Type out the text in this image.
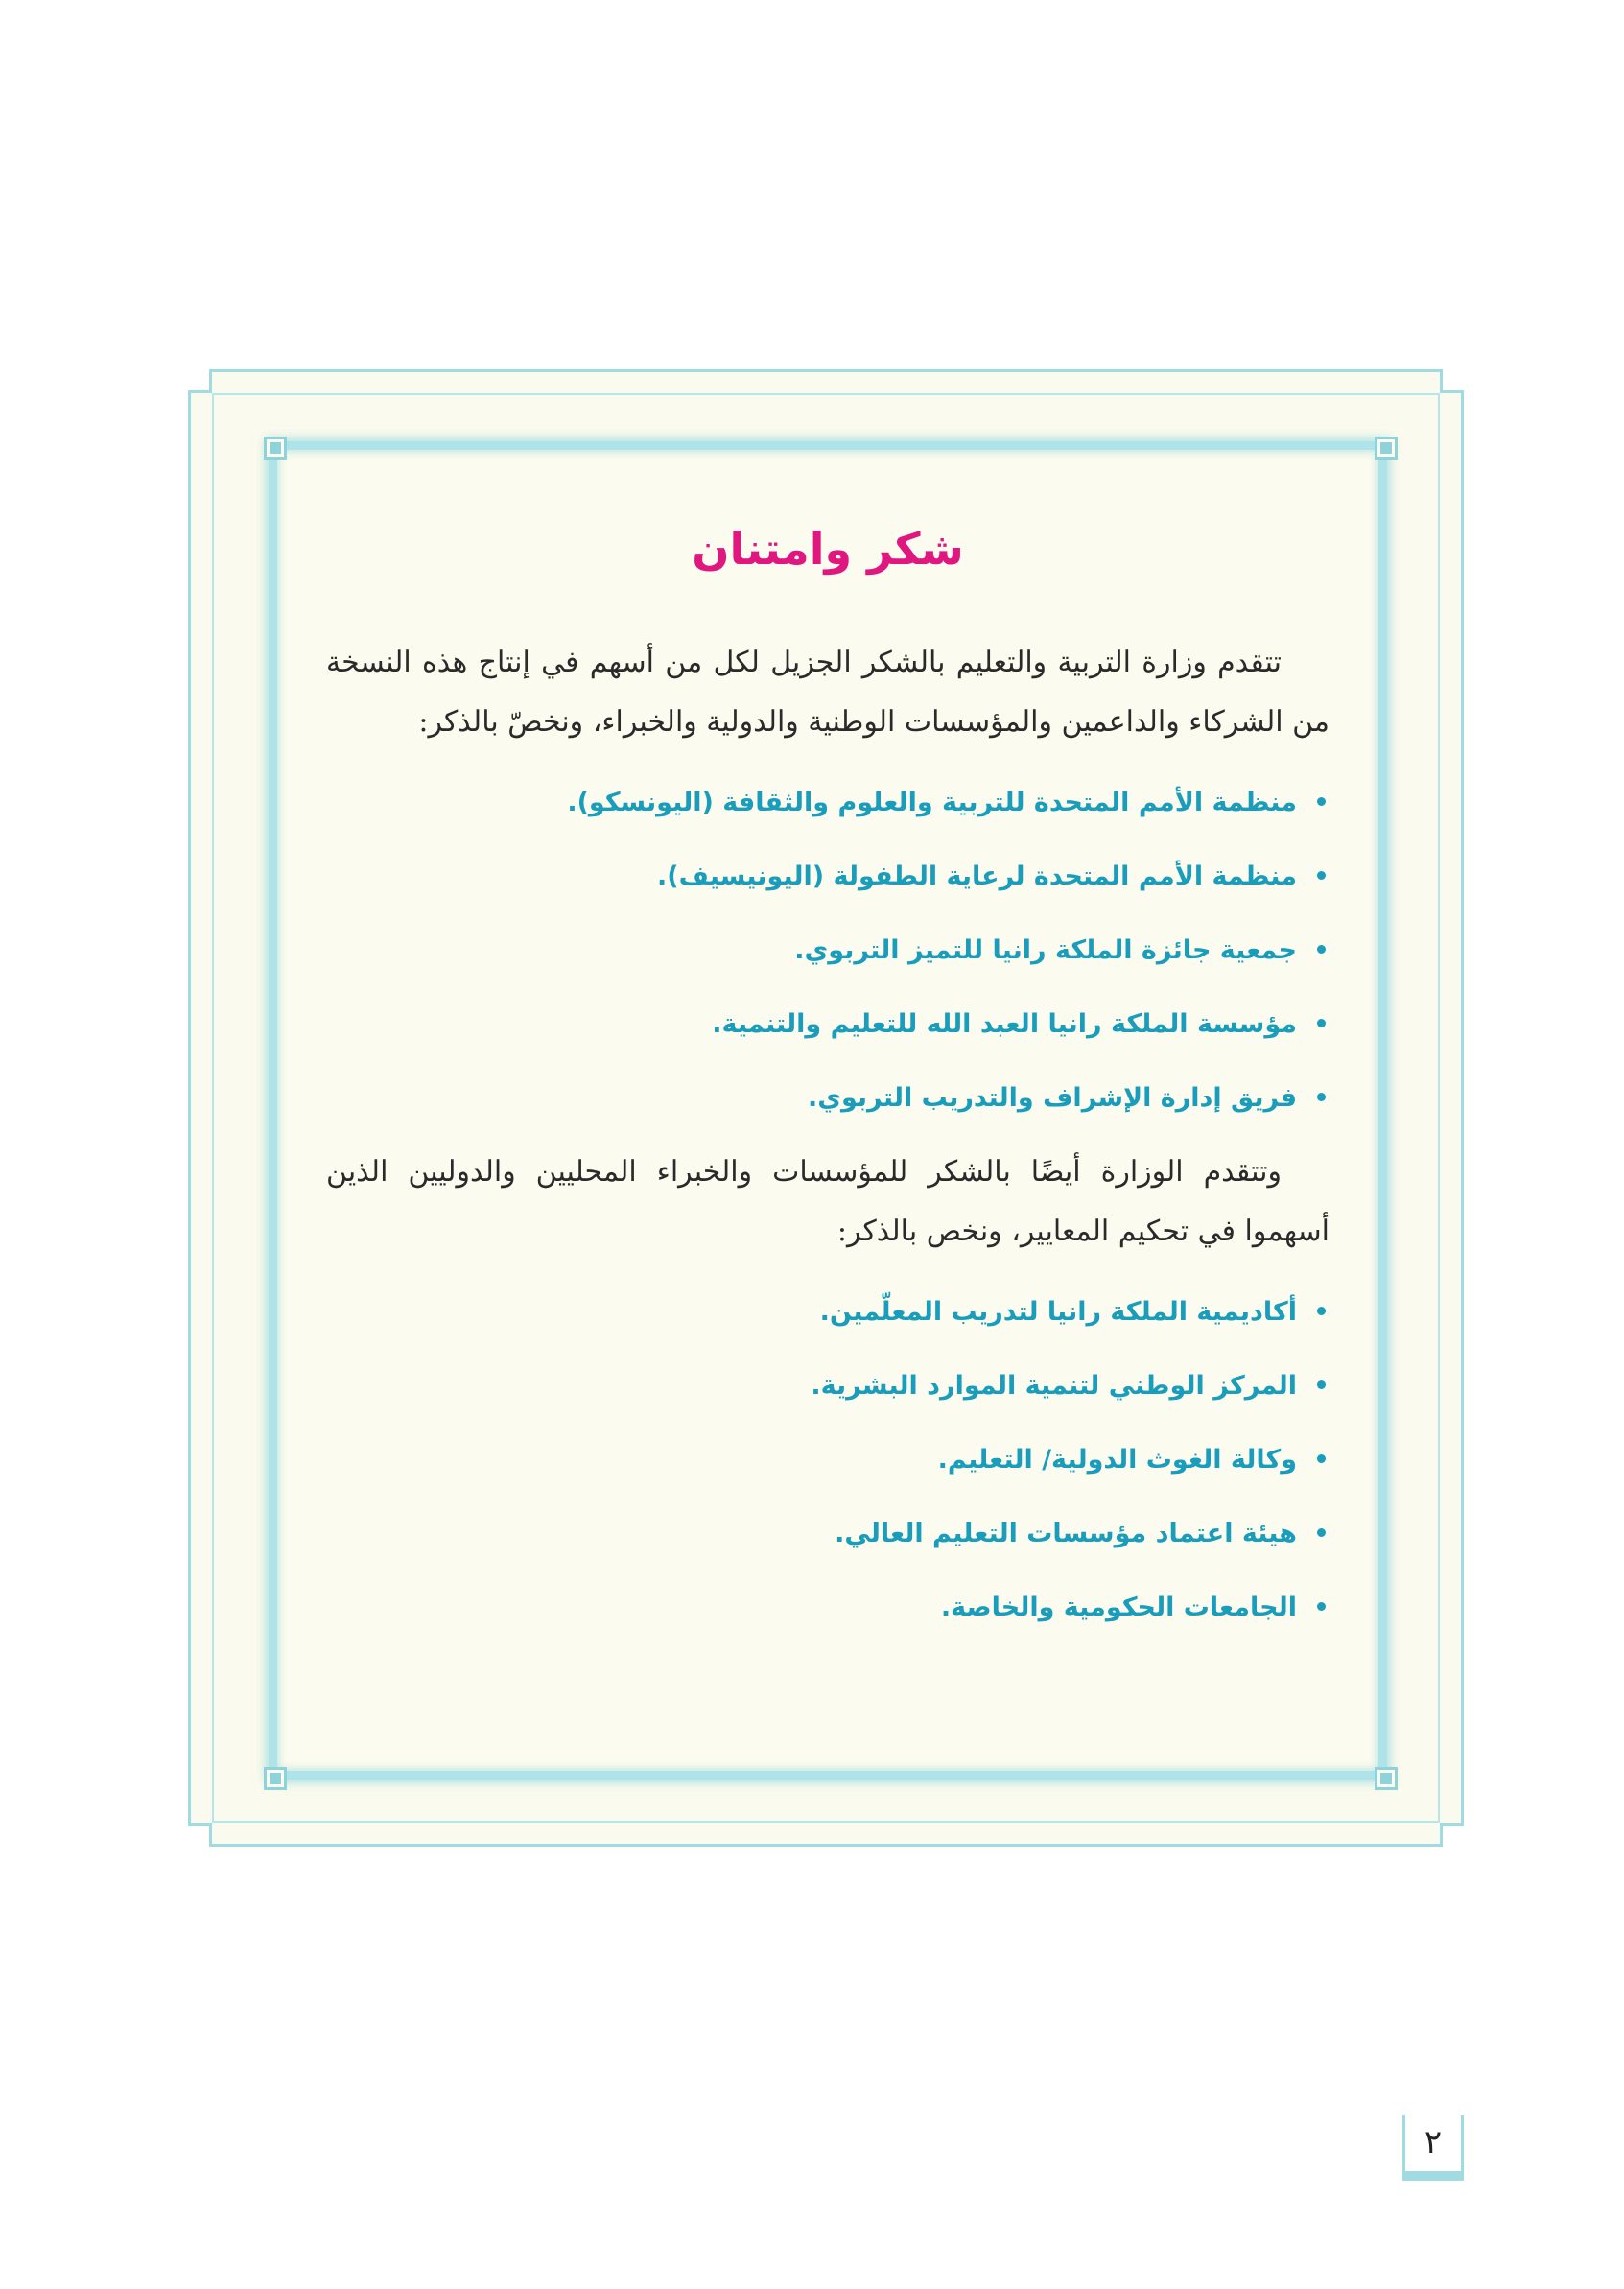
شكر وامتنان

تتقدم وزارة التربية والتعليم بالشكر الجزيل لكل من أسهم في إنتاج هذه النسخة من الشركاء والداعمين والمؤسسات الوطنية والدولية والخبراء، ونخصّ بالذكر:

منظمة الأمم المتحدة للتربية والعلوم والثقافة (اليونسكو).
منظمة الأمم المتحدة لرعاية الطفولة (اليونيسيف).
جمعية جائزة الملكة رانيا للتميز التربوي.
مؤسسة الملكة رانيا العبد الله للتعليم والتنمية.
فريق إدارة الإشراف والتدريب التربوي.

وتتقدم الوزارة أيضًا بالشكر للمؤسسات والخبراء المحليين والدوليين الذين أسهموا في تحكيم المعايير، ونخص بالذكر:

أكاديمية الملكة رانيا لتدريب المعلّمين.
المركز الوطني لتنمية الموارد البشرية.
وكالة الغوث الدولية/ التعليم.
هيئة اعتماد مؤسسات التعليم العالي.
الجامعات الحكومية والخاصة.
٢
